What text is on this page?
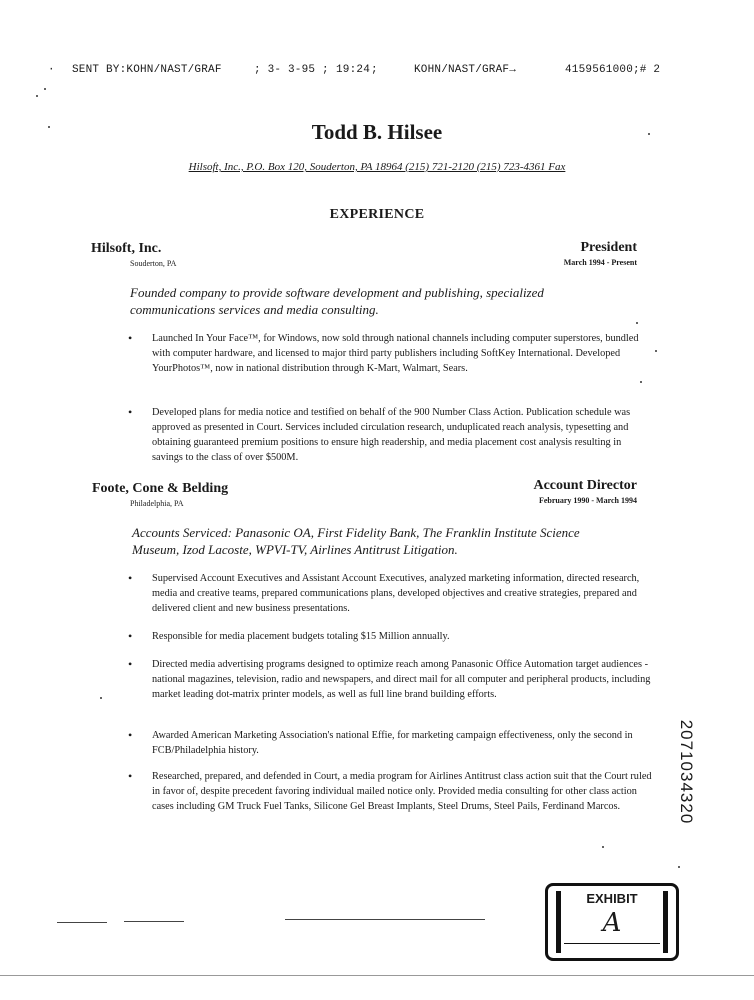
· SENT BY:KOHN/NAST/GRAF	; 3- 3-95 ; 19:24 ;	KOHN/NAST/GRAF→	4159561000;# 2
Todd B. Hilsee
Hilsoft, Inc., P.O. Box 120, Souderton, PA 18964 (215) 721-2120 (215) 723-4361 Fax
EXPERIENCE
Hilsoft, Inc.
Souderton, PA
President
March 1994 - Present
Founded company to provide software development and publishing, specialized communications services and media consulting.
• Launched In Your Face™, for Windows, now sold through national channels including computer superstores, bundled with computer hardware, and licensed to major third party publishers including SoftKey International. Developed YourPhotos™, now in national distribution through K-Mart, Walmart, Sears.
• Developed plans for media notice and testified on behalf of the 900 Number Class Action. Publication schedule was approved as presented in Court. Services included circulation research, unduplicated reach analysis, typesetting and obtaining guaranteed premium positions to ensure high readership, and media placement cost analysis resulting in savings to the class of over $500M.
Foote, Cone & Belding
Philadelphia, PA
Account Director
February 1990 - March 1994
Accounts Serviced: Panasonic OA, First Fidelity Bank, The Franklin Institute Science Museum, Izod Lacoste, WPVI-TV, Airlines Antitrust Litigation.
• Supervised Account Executives and Assistant Account Executives, analyzed marketing information, directed research, media and creative teams, prepared communications plans, developed objectives and creative strategies, prepared and delivered client and new business presentations.
• Responsible for media placement budgets totaling $15 Million annually.
• Directed media advertising programs designed to optimize reach among Panasonic Office Automation target audiences - national magazines, television, radio and newspapers, and direct mail for all computer and peripheral products, including market leading dot-matrix printer models, as well as full line brand building efforts.
• Awarded American Marketing Association's national Effie, for marketing campaign effectiveness, only the second in FCB/Philadelphia history.
• Researched, prepared, and defended in Court, a media program for Airlines Antitrust class action suit that the Court ruled in favor of, despite precedent favoring individual mailed notice only. Provided media consulting for other class action cases including GM Truck Fuel Tanks, Silicone Gel Breast Implants, Steel Drums, Steel Pails, Ferdinand Marcos.	2071034320
EXHIBIT
A
